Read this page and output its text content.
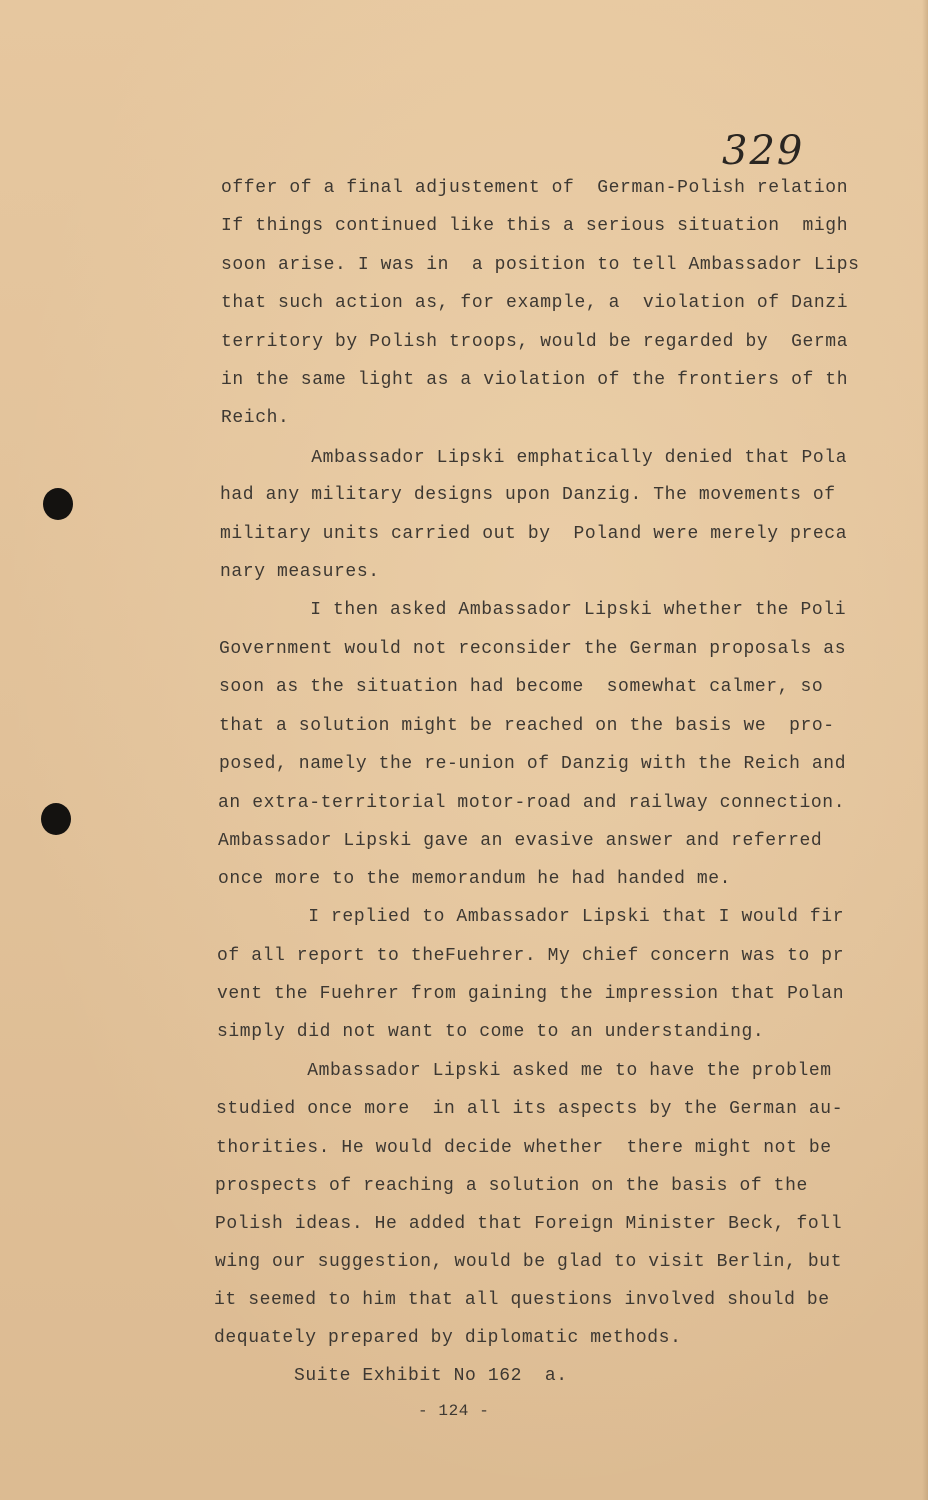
329
offer of a final adjustement of  German-Polish relation
If things continued like this a serious situation  migh
soon arise. I was in  a position to tell Ambassador Lips
that such action as, for example, a  violation of Danzi
territory by Polish troops, would be regarded by  Germa
in the same light as a violation of the frontiers of th
Reich.
Ambassador Lipski emphatically denied that Pola
had any military designs upon Danzig. The movements of
military units carried out by  Poland were merely preca
nary measures.
I then asked Ambassador Lipski whether the Poli
Government would not reconsider the German proposals as
soon as the situation had become  somewhat calmer, so
that a solution might be reached on the basis we  pro-
posed, namely the re-union of Danzig with the Reich and
an extra-territorial motor-road and railway connection.
Ambassador Lipski gave an evasive answer and referred
once more to the memorandum he had handed me.
I replied to Ambassador Lipski that I would fir
of all report to theFuehrer. My chief concern was to pr
vent the Fuehrer from gaining the impression that Polan
simply did not want to come to an understanding.
Ambassador Lipski asked me to have the problem
studied once more  in all its aspects by the German au-
thorities. He would decide whether  there might not be
prospects of reaching a solution on the basis of the
Polish ideas. He added that Foreign Minister Beck, foll
wing our suggestion, would be glad to visit Berlin, but
it seemed to him that all questions involved should be
dequately prepared by diplomatic methods.
Suite Exhibit No 162  a.
- 124 -
